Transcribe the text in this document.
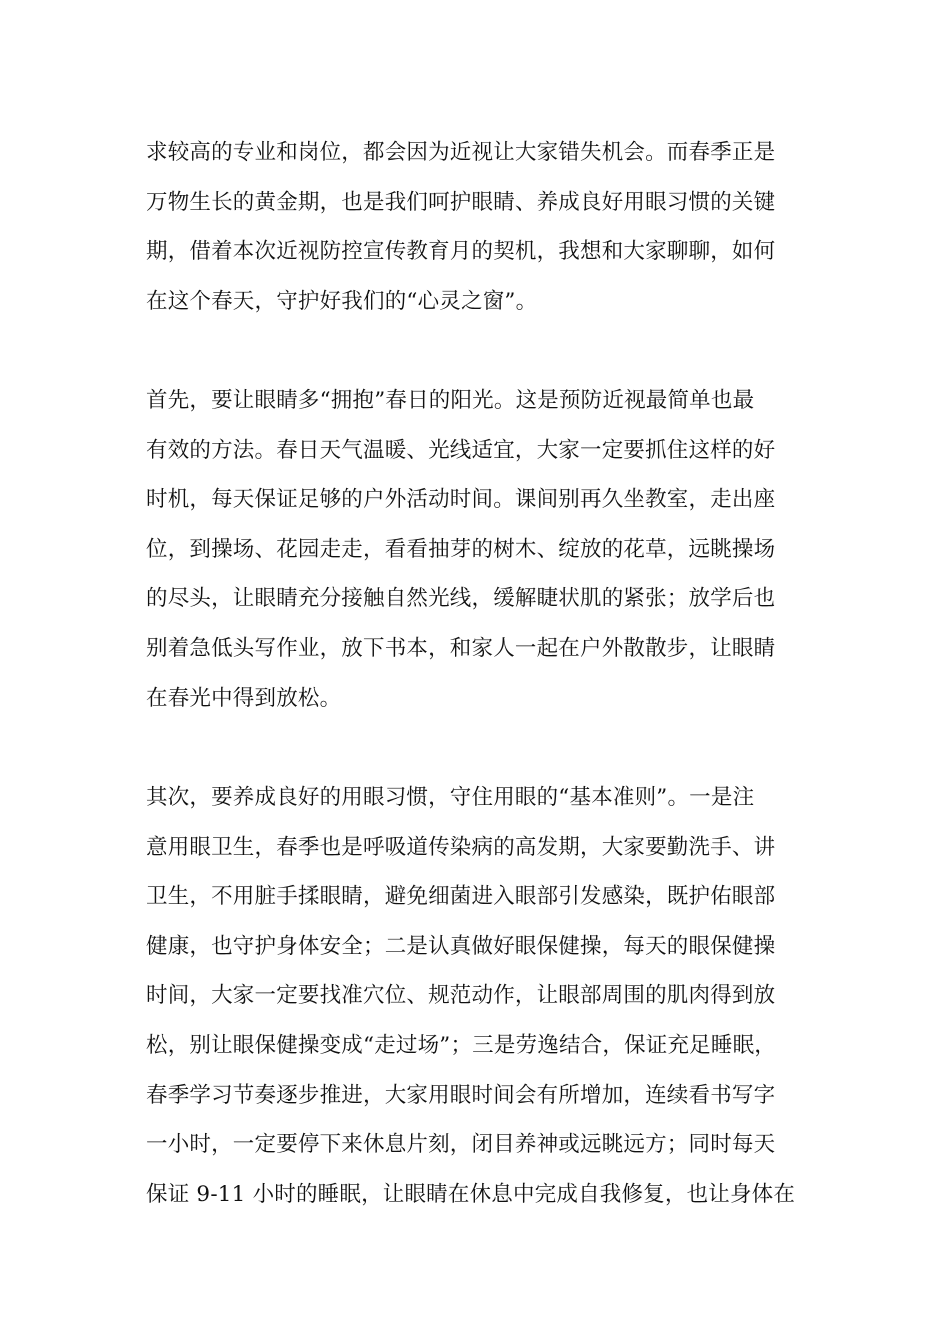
求较高的专业和岗位，都会因为近视让大家错失机会。而春季正是
万物生长的黄金期，也是我们呵护眼睛、养成良好用眼习惯的关键
期，借着本次近视防控宣传教育月的契机，我想和大家聊聊，如何
在这个春天，守护好我们的“心灵之窗”。
首先，要让眼睛多“拥抱”春日的阳光。这是预防近视最简单也最
有效的方法。春日天气温暖、光线适宜，大家一定要抓住这样的好
时机，每天保证足够的户外活动时间。课间别再久坐教室，走出座
位，到操场、花园走走，看看抽芽的树木、绽放的花草，远眺操场
的尽头，让眼睛充分接触自然光线，缓解睫状肌的紧张；放学后也
别着急低头写作业，放下书本，和家人一起在户外散散步，让眼睛
在春光中得到放松。
其次，要养成良好的用眼习惯，守住用眼的“基本准则”。一是注
意用眼卫生，春季也是呼吸道传染病的高发期，大家要勤洗手、讲
卫生，不用脏手揉眼睛，避免细菌进入眼部引发感染，既护佑眼部
健康，也守护身体安全；二是认真做好眼保健操，每天的眼保健操
时间，大家一定要找准穴位、规范动作，让眼部周围的肌肉得到放
松，别让眼保健操变成“走过场”；三是劳逸结合，保证充足睡眠，
春季学习节奏逐步推进，大家用眼时间会有所增加，连续看书写字
一小时，一定要停下来休息片刻，闭目养神或远眺远方；同时每天
保证 9-11 小时的睡眠，让眼睛在休息中完成自我修复，也让身体在
